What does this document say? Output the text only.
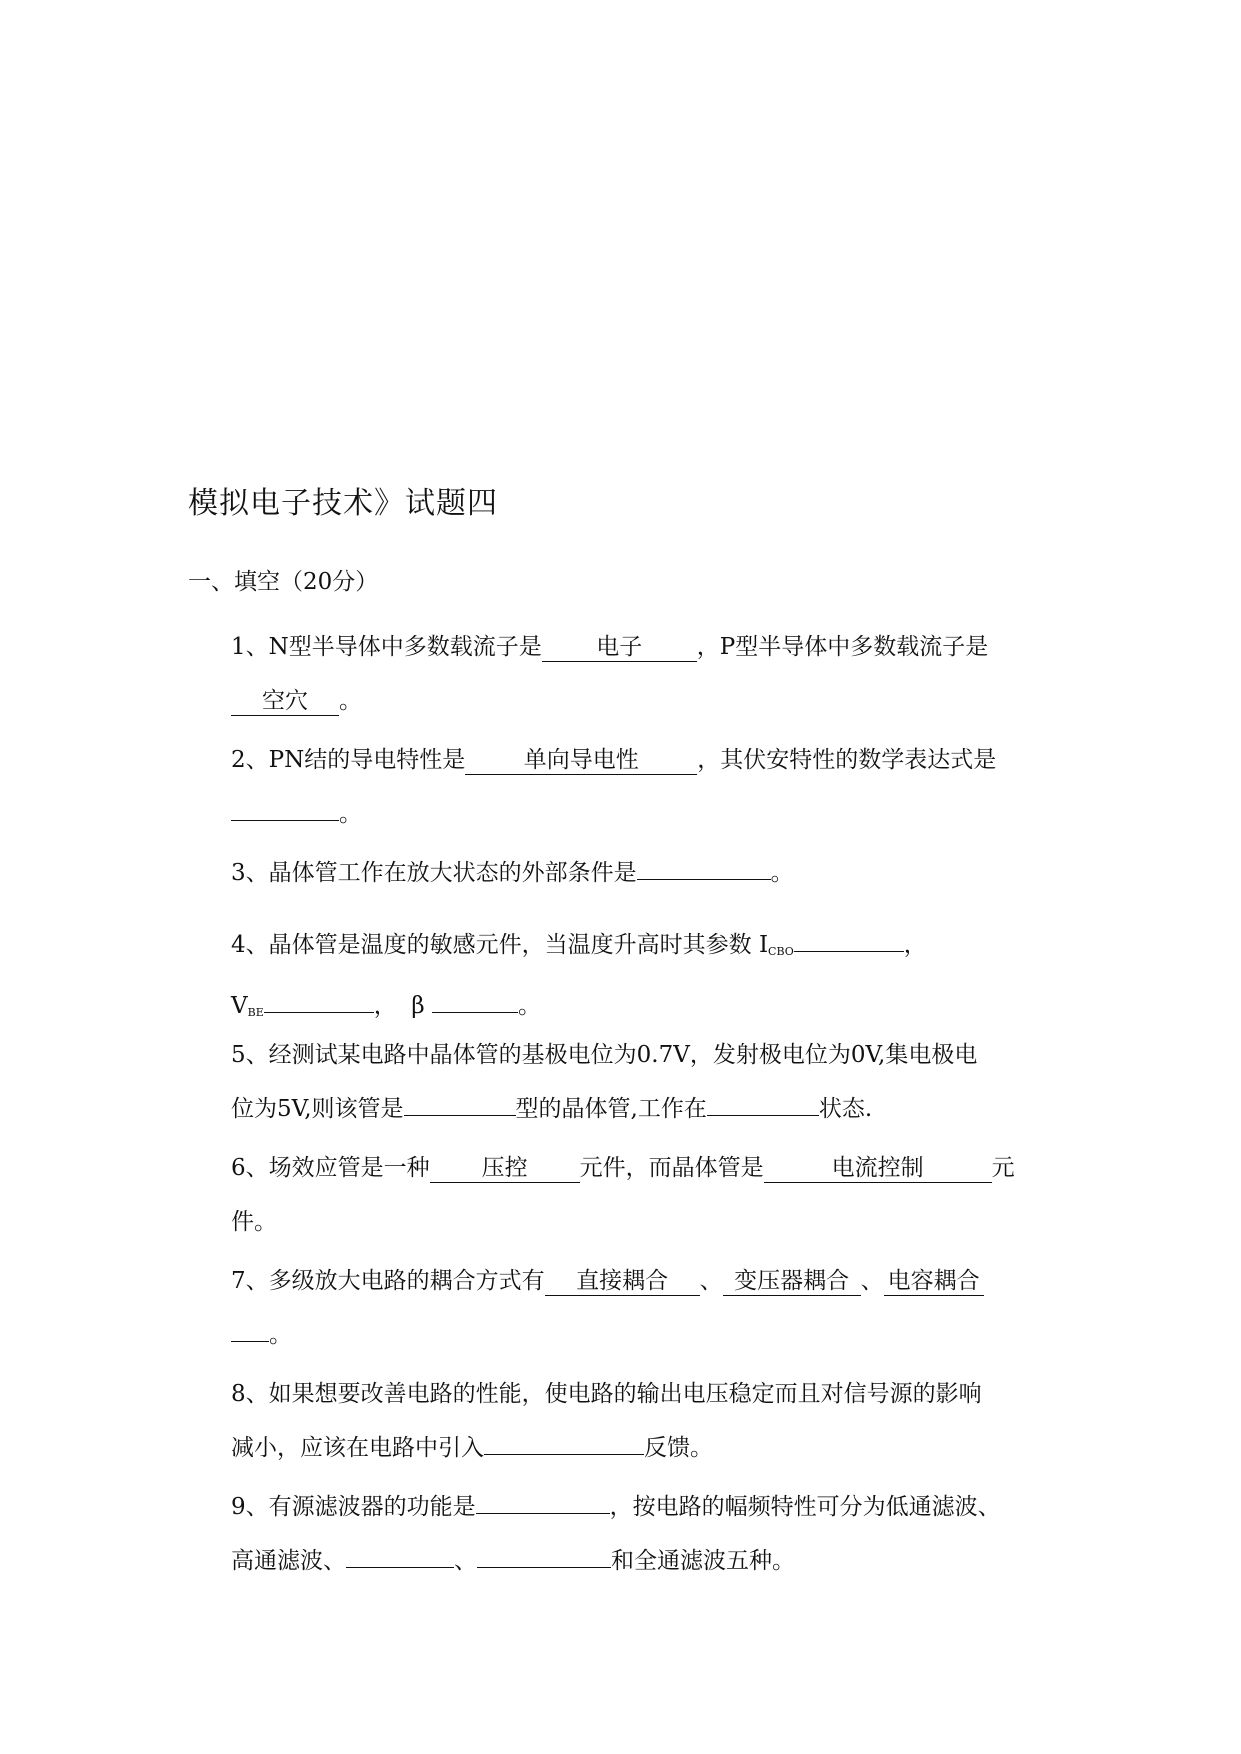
模拟电子技术》试题四
一、填空（20分）
1、N型半导体中多数载流子是 电子 ，P型半导体中多数载流子是
空穴 。
2、PN结的导电特性是	单向导电性	，其伏安特性的数学表达式是
。
3、晶体管工作在放大状态的外部条件是	。
4、晶体管是温度的敏感元件，当温度升高时其参数 $I_{CBO}$	，
$V_{BE}$	， β	。
5、经测试某电路中晶体管的基极电位为0.7V，发射极电位为0V,集电极电
位为5V,则该管是	型的晶体管,工作在	状态.
6、场效应管是一种 压控 元件，而晶体管是	电流控制	元
件。
7、多级放大电路的耦合方式有 直接耦合 、 变压器耦合 、 电容耦合
。
8、如果想要改善电路的性能，使电路的输出电压稳定而且对信号源的影响
减小，应该在电路中引入	反馈。
9、有源滤波器的功能是	，按电路的幅频特性可分为低通滤波、
高通滤波、	、	和全通滤波五种。
